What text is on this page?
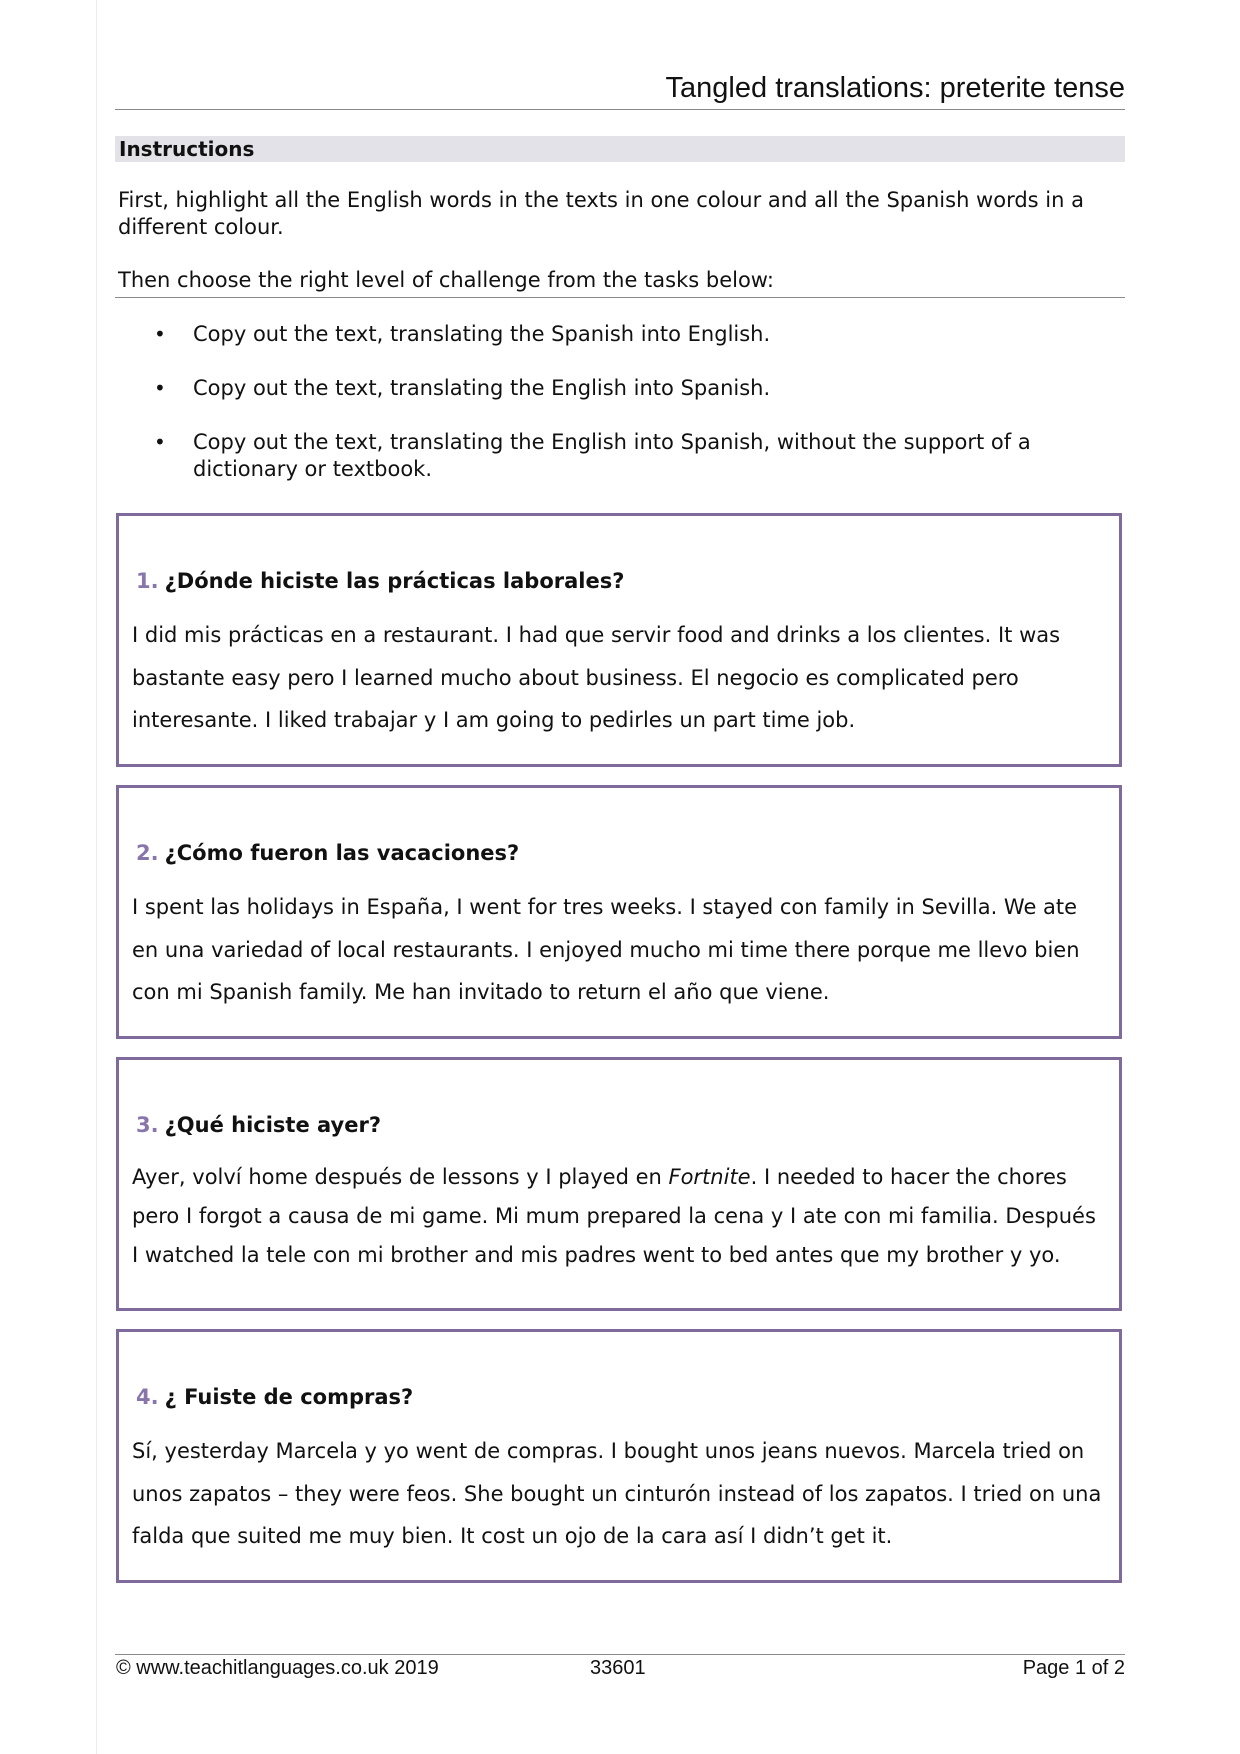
Tangled translations: preterite tense
Instructions
First, highlight all the English words in the texts in one colour and all the Spanish words in a different colour.
Then choose the right level of challenge from the tasks below:
• Copy out the text, translating the Spanish into English.
• Copy out the text, translating the English into Spanish.
• Copy out the text, translating the English into Spanish, without the support of a dictionary or textbook.
1. ¿Dónde hiciste las prácticas laborales?
I did mis prácticas en a restaurant. I had que servir food and drinks a los clientes. It was bastante easy pero I learned mucho about business. El negocio es complicated pero interesante. I liked trabajar y I am going to pedirles un part time job.
2. ¿Cómo fueron las vacaciones?
I spent las holidays in España, I went for tres weeks. I stayed con family in Sevilla. We ate en una variedad of local restaurants. I enjoyed mucho mi time there porque me llevo bien con mi Spanish family. Me han invitado to return el año que viene.
3. ¿Qué hiciste ayer?
Ayer, volví home después de lessons y I played en Fortnite. I needed to hacer the chores pero I forgot a causa de mi game. Mi mum prepared la cena y I ate con mi familia. Después I watched la tele con mi brother and mis padres went to bed antes que my brother y yo.
4. ¿ Fuiste de compras?
Sí, yesterday Marcela y yo went de compras. I bought unos jeans nuevos. Marcela tried on unos zapatos – they were feos. She bought un cinturón instead of los zapatos. I tried on una falda que suited me muy bien. It cost un ojo de la cara así I didn’t get it.
© www.teachitlanguages.co.uk 2019	33601	Page 1 of 2
